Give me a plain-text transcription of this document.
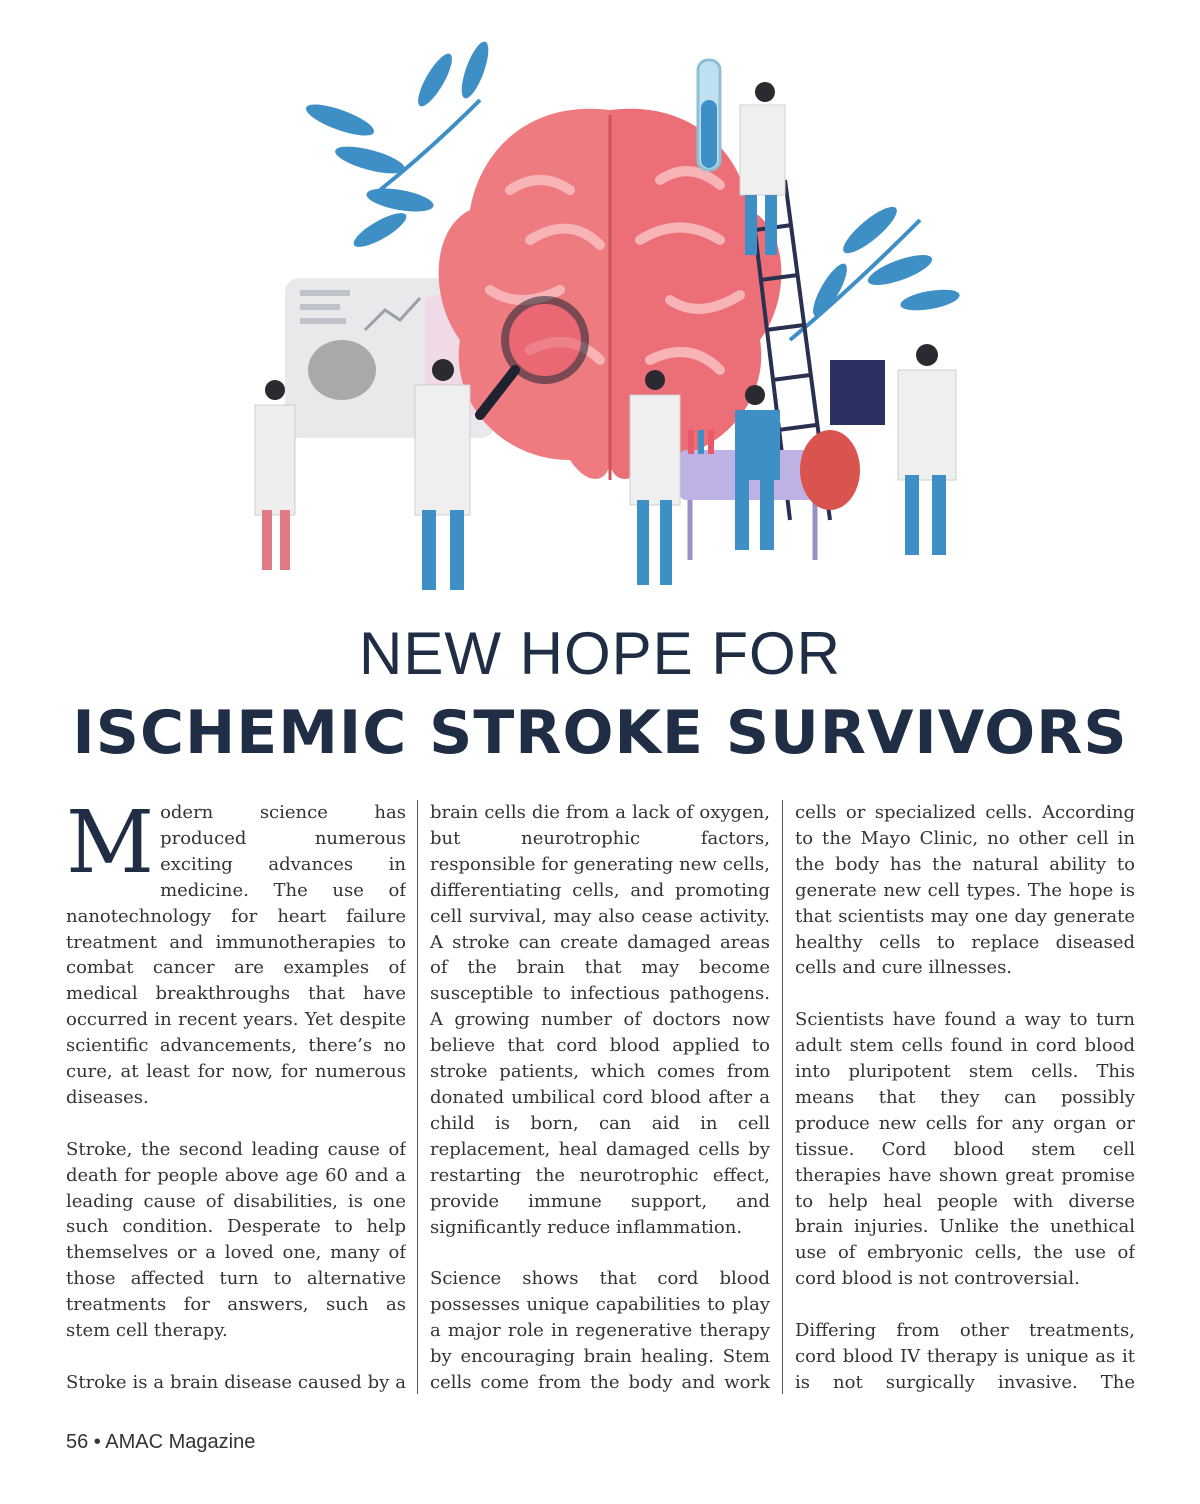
NEW HOPE FOR
ISCHEMIC STROKE SURVIVORS

Modern science has produced numerous exciting advances in medicine. The use of nanotechnology for heart failure treatment and immunotherapies to combat cancer are examples of medical breakthroughs that have occurred in recent years. Yet despite scientific advancements, there’s no cure, at least for now, for numerous diseases.

Stroke, the second leading cause of death for people above age 60 and a leading cause of disabilities, is one such condition. Desperate to help themselves or a loved one, many of those affected turn to alternative treatments for answers, such as stem cell therapy.

Stroke is a brain disease caused by a

brain cells die from a lack of oxygen, but neurotrophic factors, responsible for generating new cells, differentiating cells, and promoting cell survival, may also cease activity. A stroke can create damaged areas of the brain that may become susceptible to infectious pathogens. A growing number of doctors now believe that cord blood applied to stroke patients, which comes from donated umbilical cord blood after a child is born, can aid in cell replacement, heal damaged cells by restarting the neurotrophic effect, provide immune support, and significantly reduce inflammation.

Science shows that cord blood possesses unique capabilities to play a major role in regenerative therapy by encouraging brain healing. Stem cells come from the body and work

cells or specialized cells. According to the Mayo Clinic, no other cell in the body has the natural ability to generate new cell types. The hope is that scientists may one day generate healthy cells to replace diseased cells and cure illnesses.

Scientists have found a way to turn adult stem cells found in cord blood into pluripotent stem cells. This means that they can possibly produce new cells for any organ or tissue. Cord blood stem cell therapies have shown great promise to help heal people with diverse brain injuries. Unlike the unethical use of embryonic cells, the use of cord blood is not controversial.

Differing from other treatments, cord blood IV therapy is unique as it is not surgically invasive. The

56 • AMAC Magazine
